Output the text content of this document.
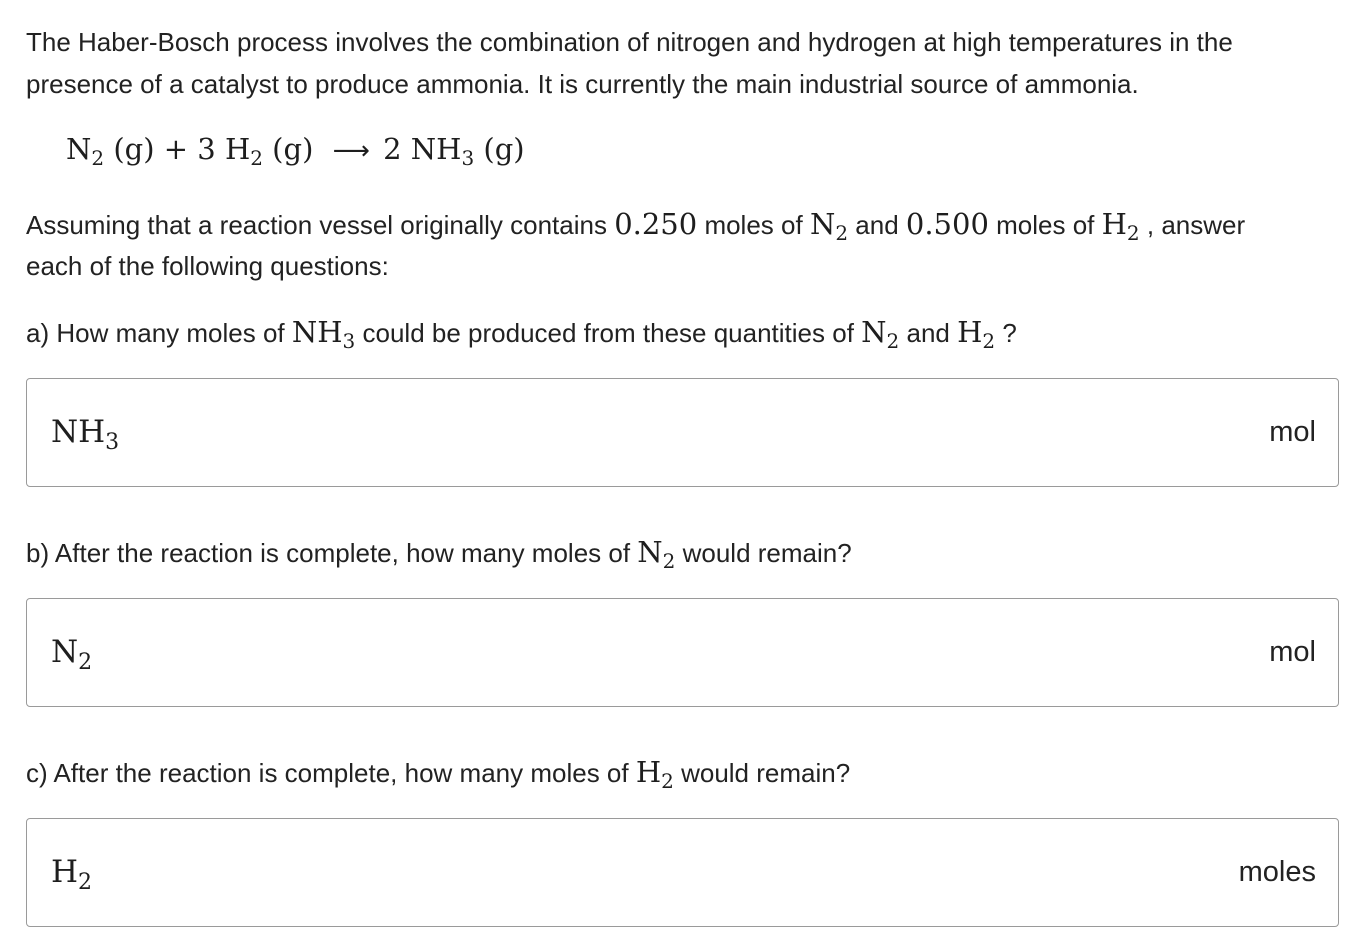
The Haber-Bosch process involves the combination of nitrogen and hydrogen at high temperatures in the
presence of a catalyst to produce ammonia. It is currently the main industrial source of ammonia.
$N_2$ (g) + 3 $H_2$ (g) ⟶ 2 $NH_3$ (g)
Assuming that a reaction vessel originally contains 0.250 moles of $N_2$ and 0.500 moles of $H_2$ , answer
each of the following questions:
a) How many moles of $NH_3$ could be produced from these quantities of $N_2$ and $H_2$ ?
$NH_3$	mol
b) After the reaction is complete, how many moles of $N_2$ would remain?
$N_2$	mol
c) After the reaction is complete, how many moles of $H_2$ would remain?
$H_2$	moles
